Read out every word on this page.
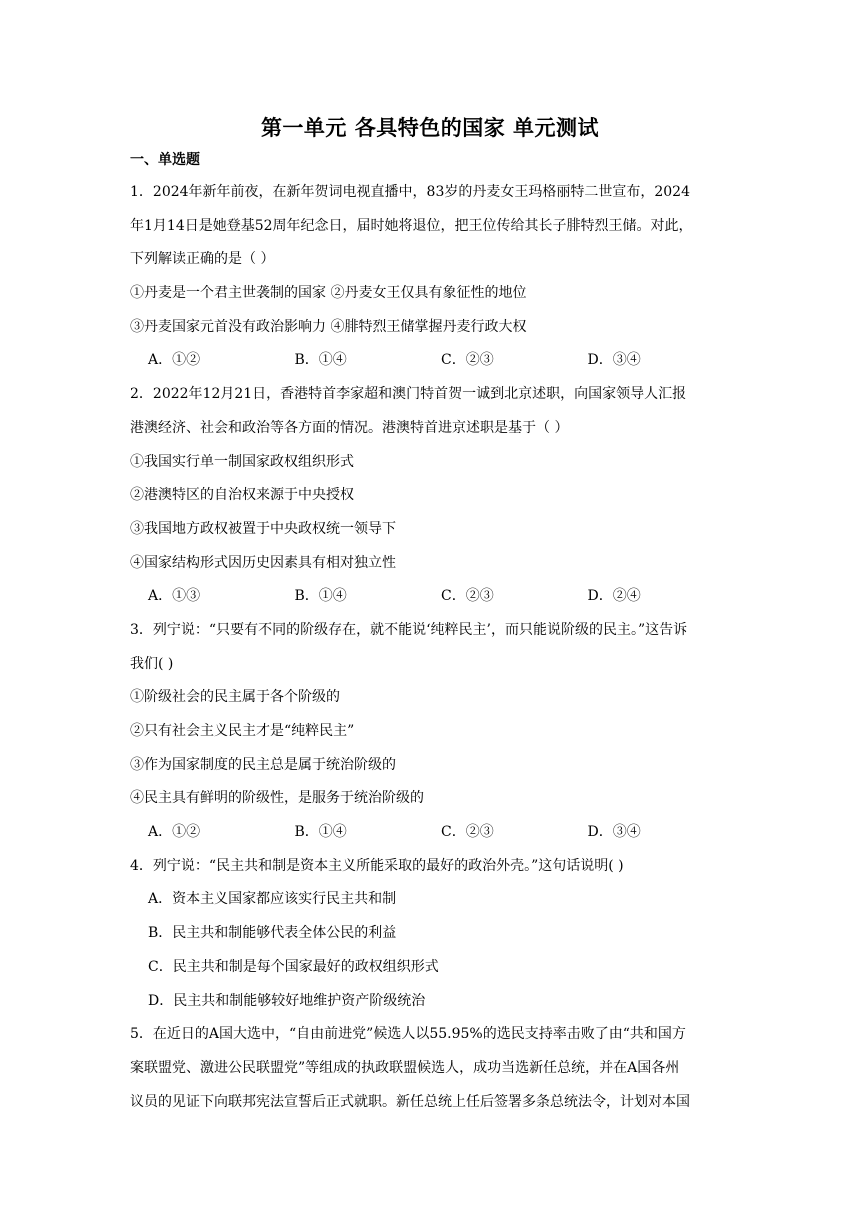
第一单元 各具特色的国家 单元测试
一、单选题
1．2024年新年前夜，在新年贺词电视直播中，83岁的丹麦女王玛格丽特二世宣布，2024
年1月14日是她登基52周年纪念日，届时她将退位，把王位传给其长子腓特烈王储。对此，
下列解读正确的是（ ）
①丹麦是一个君主世袭制的国家 ②丹麦女王仅具有象征性的地位
③丹麦国家元首没有政治影响力 ④腓特烈王储掌握丹麦行政大权
A．①②	B．①④	C．②③	D．③④
2．2022年12月21日，香港特首李家超和澳门特首贺一诚到北京述职，向国家领导人汇报
港澳经济、社会和政治等各方面的情况。港澳特首进京述职是基于（ ）
①我国实行单一制国家政权组织形式
②港澳特区的自治权来源于中央授权
③我国地方政权被置于中央政权统一领导下
④国家结构形式因历史因素具有相对独立性
A．①③	B．①④	C．②③	D．②④
3．列宁说：“只要有不同的阶级存在，就不能说‘纯粹民主’，而只能说阶级的民主。”这告诉
我们( )
①阶级社会的民主属于各个阶级的
②只有社会主义民主才是“纯粹民主”
③作为国家制度的民主总是属于统治阶级的
④民主具有鲜明的阶级性，是服务于统治阶级的
A．①②	B．①④	C．②③	D．③④
4．列宁说：“民主共和制是资本主义所能采取的最好的政治外壳。”这句话说明( )
A．资本主义国家都应该实行民主共和制
B．民主共和制能够代表全体公民的利益
C．民主共和制是每个国家最好的政权组织形式
D．民主共和制能够较好地维护资产阶级统治
5．在近日的A国大选中，“自由前进党”候选人以55.95%的选民支持率击败了由“共和国方
案联盟党、激进公民联盟党”等组成的执政联盟候选人，成功当选新任总统，并在A国各州
议员的见证下向联邦宪法宣誓后正式就职。新任总统上任后签署多条总统法令，计划对本国
